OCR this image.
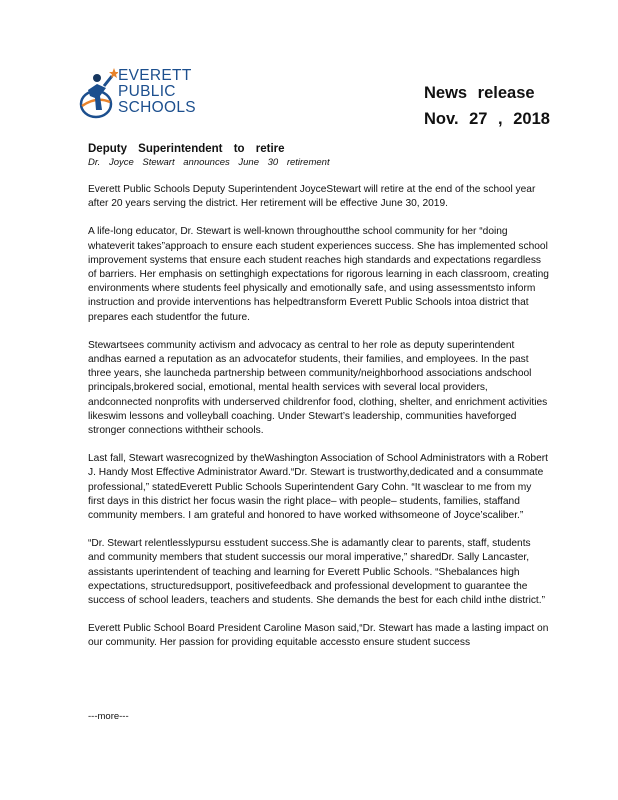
EVERETT
PUBLIC
SCHOOLS
News release
Nov. 27 , 2018
Deputy Superintendent to retire
Dr. Joyce Stewart announces June 30 retirement

Everett Public Schools Deputy Superintendent JoyceStewart will retire at the end of the school year after 20 years serving the district. Her retirement will be effective June 30, 2019.

A life-long educator, Dr. Stewart is well-known throughoutthe school community for her “doing whateverit takes”approach to ensure each student experiences success. She has implemented school improvement systems that ensure each student reaches high standards and expectations regardless of barriers. Her emphasis on settinghigh expectations for rigorous learning in each classroom, creating environments where students feel physically and emotionally safe, and using assessmentsto inform instruction and provide interventions has helpedtransform Everett Public Schools intoa district that prepares each studentfor the future.

Stewartsees community activism and advocacy as central to her role as deputy superintendent andhas earned a reputation as an advocatefor students, their families, and employees. In the past three years, she launcheda partnership between community/neighborhood associations andschool principals,brokered social, emotional, mental health services with several local providers, andconnected nonprofits with underserved childrenfor food, clothing, shelter, and enrichment activities likeswim lessons and volleyball coaching. Under Stewart’s leadership, communities haveforged stronger connections withtheir schools.

Last fall, Stewart wasrecognized by theWashington Association of School Administrators with a Robert J. Handy Most Effective Administrator Award.“Dr. Stewart is trustworthy,dedicated and a consummate professional,” statedEverett Public Schools Superintendent Gary Cohn. “It wasclear to me from my first days in this district her focus wasin the right place– with people– students, families, staffand community members. I am grateful and honored to have worked withsomeone of Joyce’scaliber.”

“Dr. Stewart relentlesslypursu esstudent success.She is adamantly clear to parents, staff, students and community members that student successis our moral imperative,” sharedDr. Sally Lancaster, assistants uperintendent of teaching and learning for Everett Public Schools. “Shebalances high expectations, structuredsupport, positivefeedback and professional development to guarantee the success of school leaders, teachers and students. She demands the best for each child inthe district.”

Everett Public School Board President Caroline Mason said,“Dr. Stewart has made a lasting impact on our community. Her passion for providing equitable accessto ensure student success

---more---
